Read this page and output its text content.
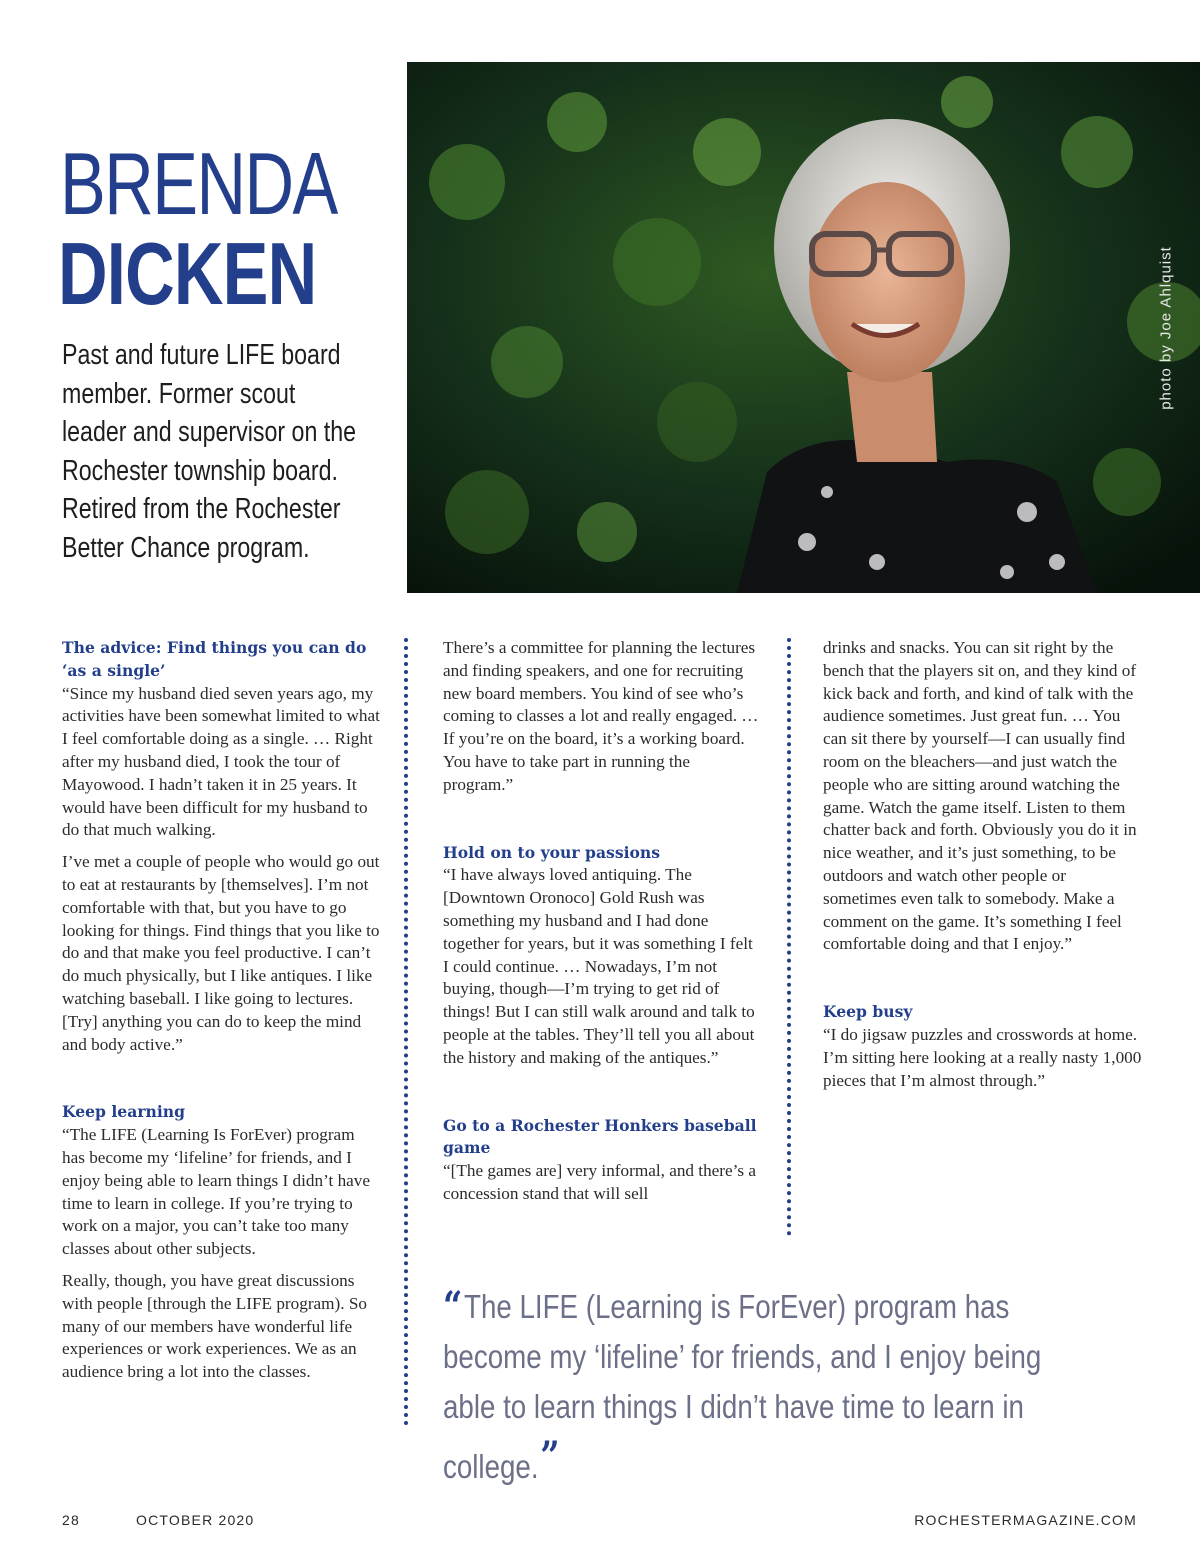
BRENDA
DICKEN
Past and future LIFE board member. Former scout leader and supervisor on the Rochester township board. Retired from the Rochester Better Chance program.
photo by Joe Ahlquist
The advice: Find things you can do ‘as a single’

“Since my husband died seven years ago, my activities have been somewhat limited to what I feel comfortable doing as a single. … Right after my husband died, I took the tour of Mayowood. I hadn’t taken it in 25 years. It would have been difficult for my husband to do that much walking.

I’ve met a couple of people who would go out to eat at restaurants by [themselves]. I’m not comfortable with that, but you have to go looking for things. Find things that you like to do and that make you feel productive. I can’t do much physically, but I like antiques. I like watching baseball. I like going to lectures. [Try] anything you can do to keep the mind and body active.”

Keep learning

“The LIFE (Learning Is ForEver) program has become my ‘lifeline’ for friends, and I enjoy being able to learn things I didn’t have time to learn in college. If you’re trying to work on a major, you can’t take too many classes about other subjects.

Really, though, you have great discussions with people [through the LIFE program). So many of our members have wonderful life experiences or work experiences. We as an audience bring a lot into the classes.

There’s a committee for planning the lectures and finding speakers, and one for recruiting new board members. You kind of see who’s coming to classes a lot and really engaged. … If you’re on the board, it’s a working board. You have to take part in running the program.”

Hold on to your passions

“I have always loved antiquing. The [Downtown Oronoco] Gold Rush was something my husband and I had done together for years, but it was something I felt I could continue. … Nowadays, I’m not buying, though—I’m trying to get rid of things! But I can still walk around and talk to people at the tables. They’ll tell you all about the history and making of the antiques.”

Go to a Rochester Honkers baseball game

“[The games are] very informal, and there’s a concession stand that will sell

drinks and snacks. You can sit right by the bench that the players sit on, and they kind of kick back and forth, and kind of talk with the audience sometimes. Just great fun. … You can sit there by yourself—I can usually find room on the bleachers—and just watch the people who are sitting around watching the game. Watch the game itself. Listen to them chatter back and forth. Obviously you do it in nice weather, and it’s just something, to be outdoors and watch other people or sometimes even talk to somebody. Make a comment on the game. It’s something I feel comfortable doing and that I enjoy.”

Keep busy

“I do jigsaw puzzles and crosswords at home. I’m sitting here looking at a really nasty 1,000 pieces that I’m almost through.”

“The LIFE (Learning is ForEver) program has become my ‘lifeline’ for friends, and I enjoy being able to learn things I didn’t have time to learn in college.”
28	OCTOBER 2020	ROCHESTERMAGAZINE.COM
